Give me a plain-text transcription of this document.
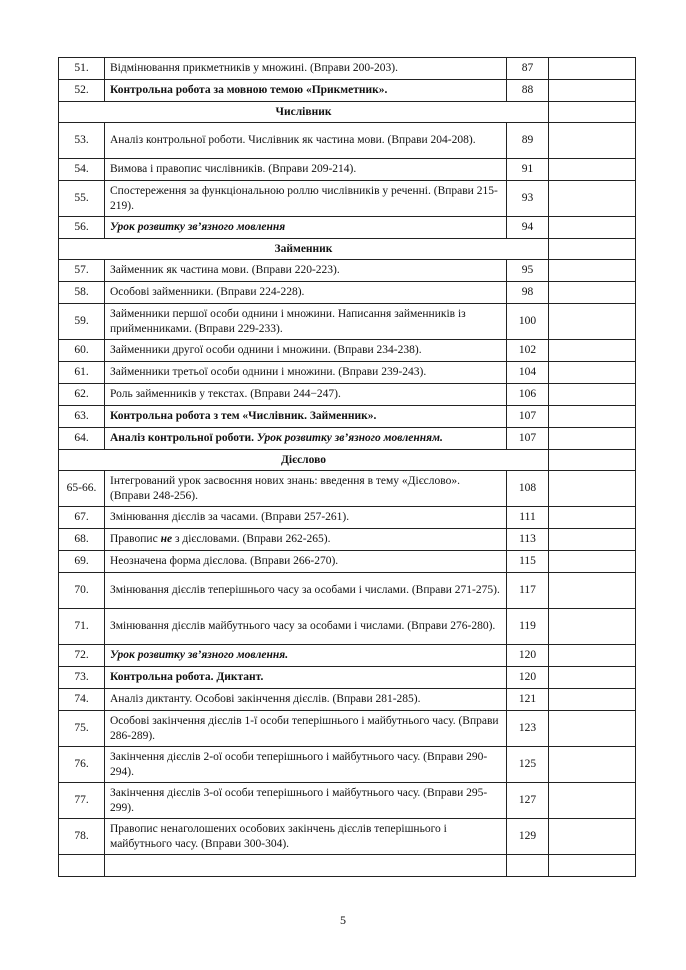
51.	Відмінювання прикметників у множині. (Вправи 200-203).	87	
52.	Контрольна робота за мовною темою «Прикметник».	88	
Числівник			
53.	Аналіз контрольної роботи. Числівник як частина мови. (Вправи 204-208).	89	
54.	Вимова і правопис числівників. (Вправи 209-214).	91	
55.	Спостереження за функціональною роллю числівників у реченні. (Вправи 215-219).	93	
56.	Урок розвитку зв’язного мовлення	94	
Займенник			
57.	Займенник як частина мови. (Вправи 220-223).	95	
58.	Особові займенники. (Вправи 224-228).	98	
59.	Займенники першої особи однини і множини. Написання займенників із прийменниками. (Вправи 229-233).	100	
60.	Займенники другої особи однини і множини. (Вправи 234-238).	102	
61.	Займенники третьої особи однини і множини. (Вправи 239-243).	104	
62.	Роль займенників у текстах. (Вправи 244−247).	106	
63.	Контрольна робота з тем «Числівник. Займенник».	107	
64.	Аналіз контрольної роботи. Урок розвитку зв’язного мовленням.	107	
Дієслово			
65-66.	Інтегрований урок засвоєння нових знань: введення в тему «Дієслово». (Вправи 248-256).	108	
67.	Змінювання дієслів за часами. (Вправи 257-261).	111	
68.	Правопис не з дієсловами. (Вправи 262-265).	113	
69.	Неозначена форма дієслова. (Вправи 266-270).	115	
70.	Змінювання дієслів теперішнього часу за особами і числами. (Вправи 271-275).	117	
71.	Змінювання дієслів майбутнього часу за особами і числами. (Вправи 276-280).	119	
72.	Урок розвитку зв’язного мовлення.	120	
73.	Контрольна робота. Диктант.	120	
74.	Аналіз диктанту. Особові закінчення дієслів. (Вправи 281-285).	121	
75.	Особові закінчення дієслів 1-ї особи теперішнього і майбутнього часу. (Вправи 286-289).	123	
76.	Закінчення дієслів 2-ої особи теперішнього і майбутнього часу. (Вправи 290-294).	125	
77.	Закінчення дієслів 3-ої особи теперішнього і майбутнього часу. (Вправи 295-299).	127	
78.	Правопис ненаголошених особових закінчень дієслів теперішнього і майбутнього часу. (Вправи 300-304).	129	

5
